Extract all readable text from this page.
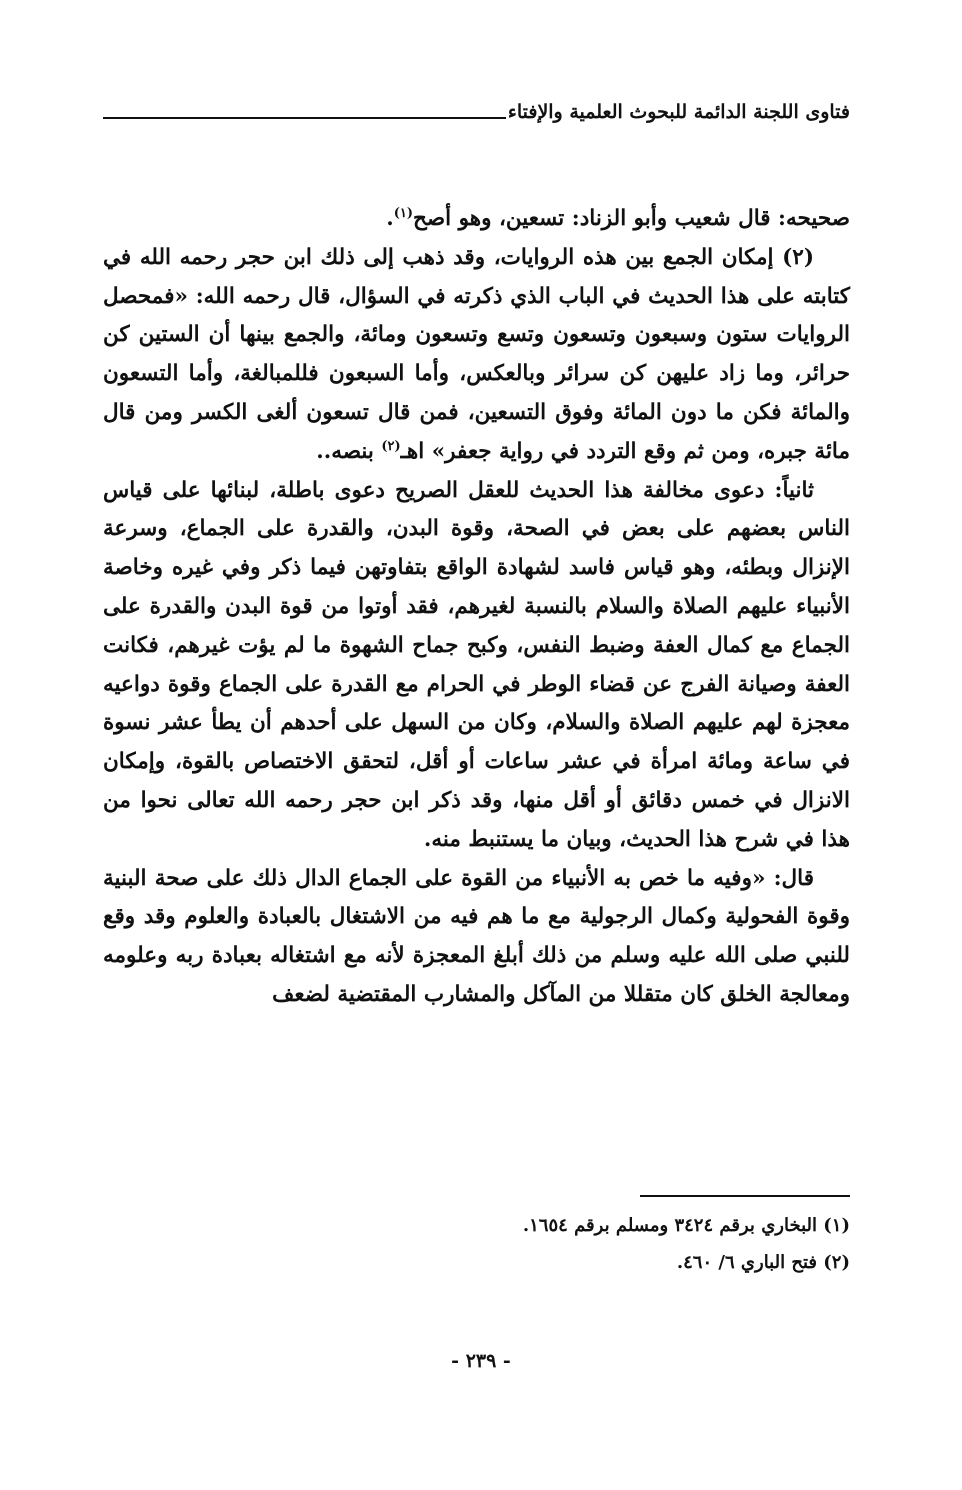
فتاوى اللجنة الدائمة للبحوث العلمية والإفتاء

صحيحه: قال شعيب وأبو الزناد: تسعين، وهو أصح$^{(١)}$.

(٢) إمكان الجمع بين هذه الروايات، وقد ذهب إلى ذلك ابن حجر رحمه الله في كتابته على هذا الحديث في الباب الذي ذكرته في السؤال، قال رحمه الله: «فمحصل الروايات ستون وسبعون وتسعون وتسع وتسعون ومائة، والجمع بينها أن الستين كن حرائر، وما زاد عليهن كن سرائر وبالعكس، وأما السبعون فللمبالغة، وأما التسعون والمائة فكن ما دون المائة وفوق التسعين، فمن قال تسعون ألغى الكسر ومن قال مائة جبره، ومن ثم وقع التردد في رواية جعفر» اهـ$^{(٢)}$ بنصه..

ثانياً: دعوى مخالفة هذا الحديث للعقل الصريح دعوى باطلة، لبنائها على قياس الناس بعضهم على بعض في الصحة، وقوة البدن، والقدرة على الجماع، وسرعة الإنزال وبطئه، وهو قياس فاسد لشهادة الواقع بتفاوتهن فيما ذكر وفي غيره وخاصة الأنبياء عليهم الصلاة والسلام بالنسبة لغيرهم، فقد أوتوا من قوة البدن والقدرة على الجماع مع كمال العفة وضبط النفس، وكبح جماح الشهوة ما لم يؤت غيرهم، فكانت العفة وصيانة الفرج عن قضاء الوطر في الحرام مع القدرة على الجماع وقوة دواعيه معجزة لهم عليهم الصلاة والسلام، وكان من السهل على أحدهم أن يطأ عشر نسوة في ساعة ومائة امرأة في عشر ساعات أو أقل، لتحقق الاختصاص بالقوة، وإمكان الانزال في خمس دقائق أو أقل منها، وقد ذكر ابن حجر رحمه الله تعالى نحوا من هذا في شرح هذا الحديث، وبيان ما يستنبط منه.

قال: «وفيه ما خص به الأنبياء من القوة على الجماع الدال ذلك على صحة البنية وقوة الفحولية وكمال الرجولية مع ما هم فيه من الاشتغال بالعبادة والعلوم وقد وقع للنبي صلى الله عليه وسلم من ذلك أبلغ المعجزة لأنه مع اشتغاله بعبادة ربه وعلومه ومعالجة الخلق كان متقللا من المآكل والمشارب المقتضية لضعف

(١) البخاري برقم ٣٤٢٤ ومسلم برقم ١٦٥٤.
(٢) فتح الباري ٦/ ٤٦٠.
- ٢٣٩ -
